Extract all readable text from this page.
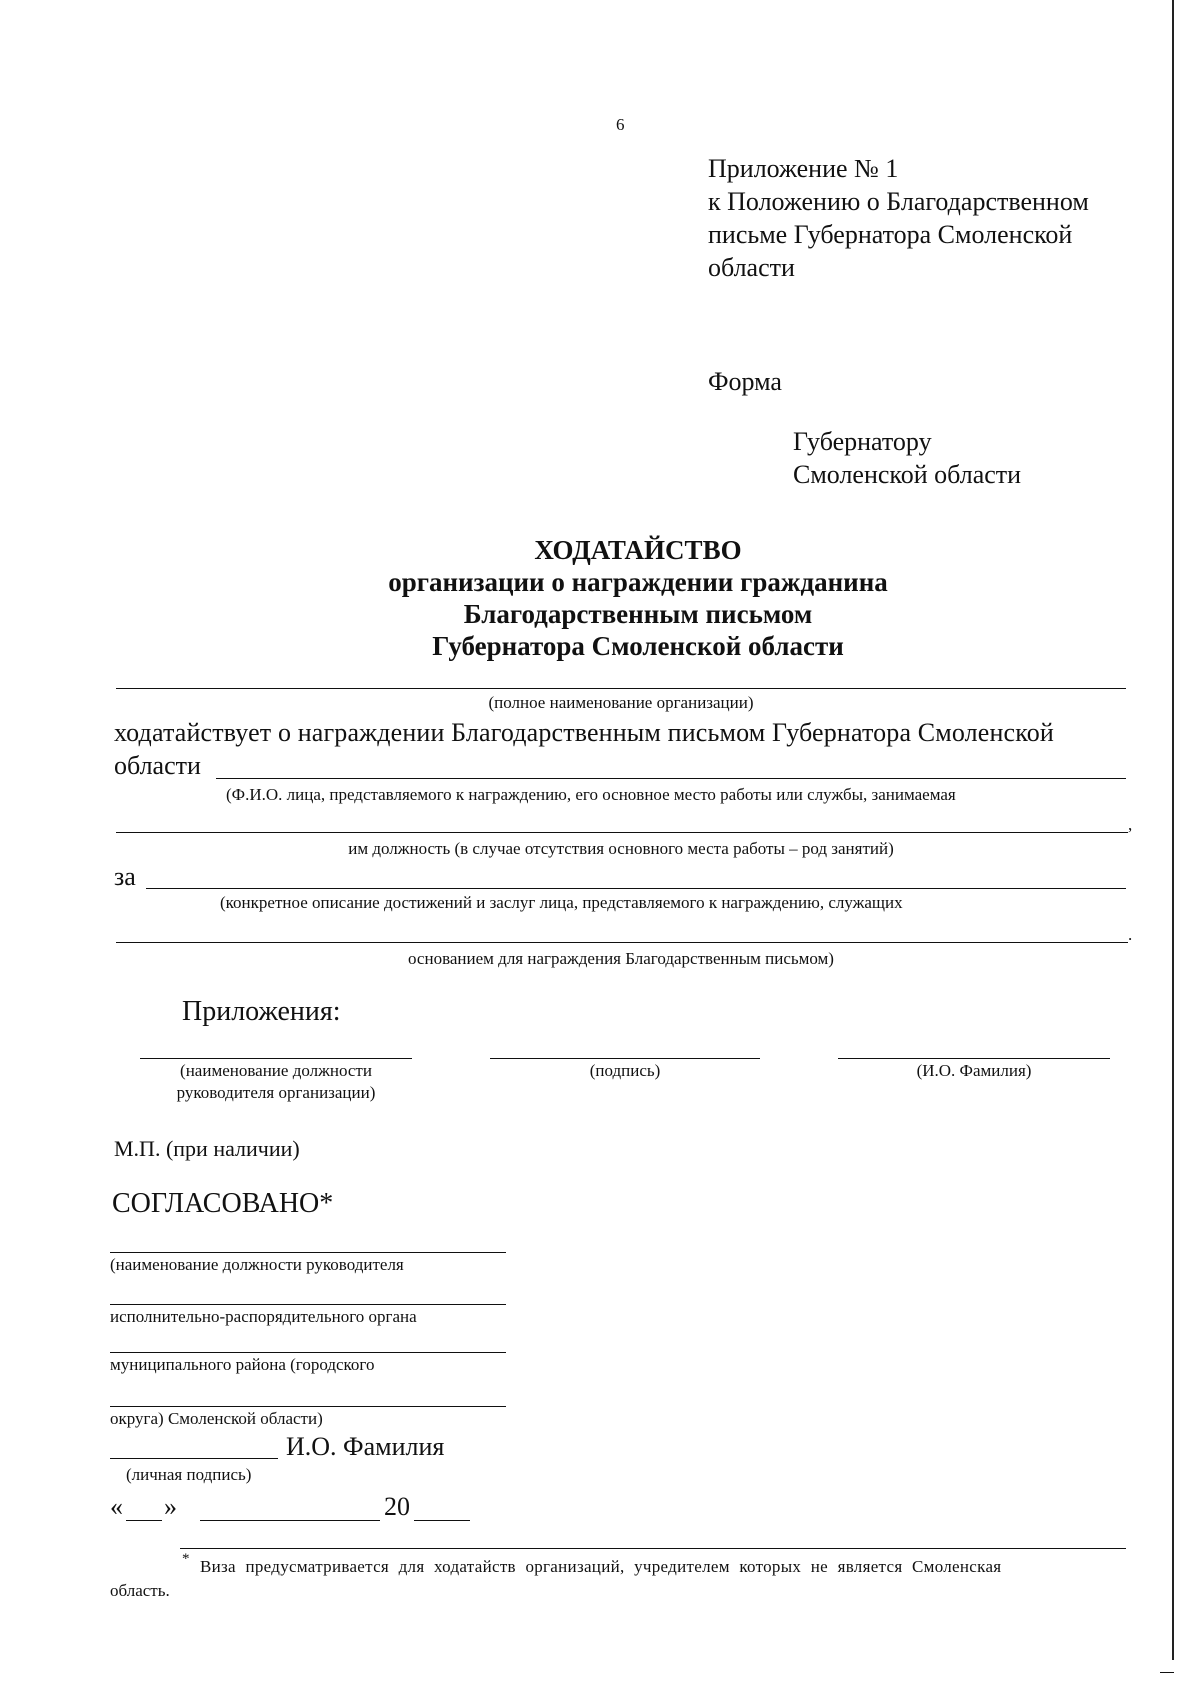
6
Приложение № 1
к Положению о Благодарственном
письме Губернатора Смоленской
области
Форма
Губернатору
Смоленской области
ХОДАТАЙСТВО
организации о награждении гражданина
Благодарственным письмом
Губернатора Смоленской области
(полное наименование организации)
ходатайствует о награждении Благодарственным письмом Губернатора Смоленской
области
(Ф.И.О. лица, представляемого к награждению, его основное место работы или службы, занимаемая
,
им должность (в случае отсутствия основного места работы – род занятий)
за
(конкретное описание достижений и заслуг лица, представляемого к награждению, служащих
.
основанием для награждения Благодарственным письмом)
Приложения:
(наименование должности
руководителя организации)
(подпись)	(И.О. Фамилия)
М.П. (при наличии)
СОГЛАСОВАНО*
(наименование должности руководителя
исполнительно-распорядительного органа
муниципального района (городского
округа) Смоленской области)
И.О. Фамилия
(личная подпись)
« »	20
* Виза предусматривается для ходатайств организаций, учредителем которых не является Смоленская
область.
